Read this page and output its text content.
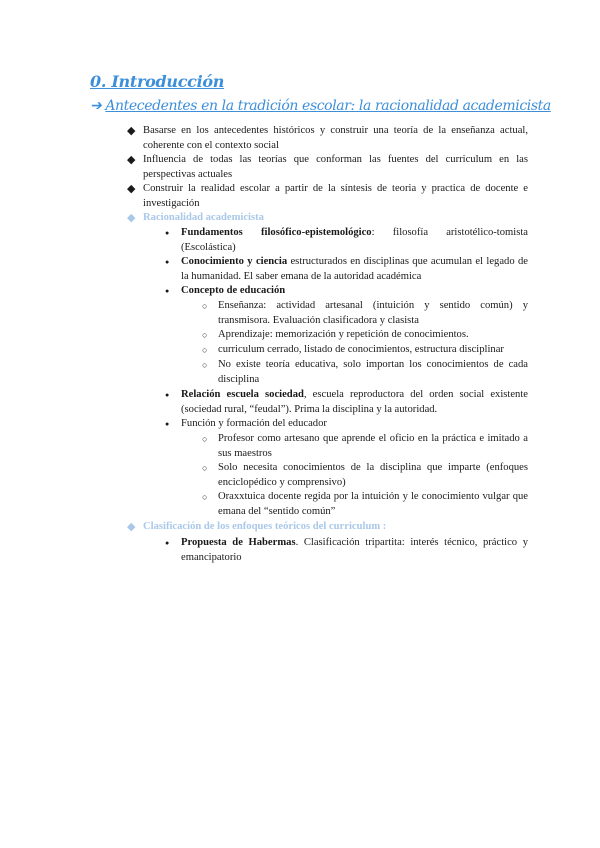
0. Introducción
➔ Antecedentes en la tradición escolar: la racionalidad academicista
◆ Basarse en los antecedentes históricos y construir una teoría de la enseñanza actual, coherente con el contexto social
◆ Influencia de todas las teorías que conforman las fuentes del curriculum en las perspectivas actuales
◆ Construir la realidad escolar a partir de la síntesis de teoria y practica de docente e investigación
◆ Racionalidad academicista
● Fundamentos filosófico-epistemológico: filosofía aristotélico-tomista (Escolástica)
● Conocimiento y ciencia estructurados en disciplinas que acumulan el legado de la humanidad. El saber emana de la autoridad académica
● Concepto de educación
○ Enseñanza: actividad artesanal (intuición y sentido común) y transmisora. Evaluación clasificadora y clasista
○ Aprendizaje: memorización y repetición de conocimientos.
○ curriculum cerrado, listado de conocimientos, estructura disciplinar
○ No existe teoría educativa, solo importan los conocimientos de cada disciplina
● Relación escuela sociedad, escuela reproductora del orden social existente (sociedad rural, “feudal”). Prima la disciplina y la autoridad.
● Función y formación del educador
○ Profesor como artesano que aprende el oficio en la práctica e imitado a sus maestros
○ Solo necesita conocimientos de la disciplina que imparte (enfoques enciclopédico y comprensivo)
○ Oraxxtuica docente regida por la intuición y le conocimiento vulgar que emana del “sentido común”
◆ Clasificación de los enfoques teóricos del curriculum :
● Propuesta de Habermas. Clasificación tripartita: interés técnico, práctico y emancipatorio
